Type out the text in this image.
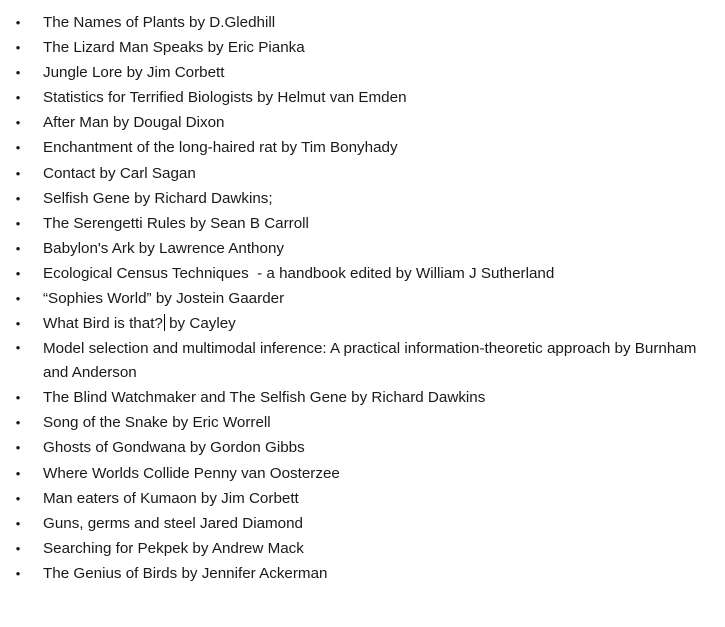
•	The Names of Plants by D.Gledhill
•	The Lizard Man Speaks by Eric Pianka
•	Jungle Lore by Jim Corbett
•	Statistics for Terrified Biologists by Helmut van Emden
•	After Man by Dougal Dixon
•	Enchantment of the long-haired rat by Tim Bonyhady
•	Contact by Carl Sagan
•	Selfish Gene by Richard Dawkins;
•	The Serengetti Rules by Sean B Carroll
•	Babylon's Ark by Lawrence Anthony
•	Ecological Census Techniques  - a handbook edited by William J Sutherland
•	“Sophies World” by Jostein Gaarder
•	What Bird is that? by Cayley
•	Model selection and multimodal inference: A practical information-theoretic approach by Burnham and Anderson
•	The Blind Watchmaker and The Selfish Gene by Richard Dawkins
•	Song of the Snake by Eric Worrell
•	Ghosts of Gondwana by Gordon Gibbs
•	Where Worlds Collide Penny van Oosterzee
•	Man eaters of Kumaon by Jim Corbett
•	Guns, germs and steel Jared Diamond
•	Searching for Pekpek by Andrew Mack
•	The Genius of Birds by Jennifer Ackerman
